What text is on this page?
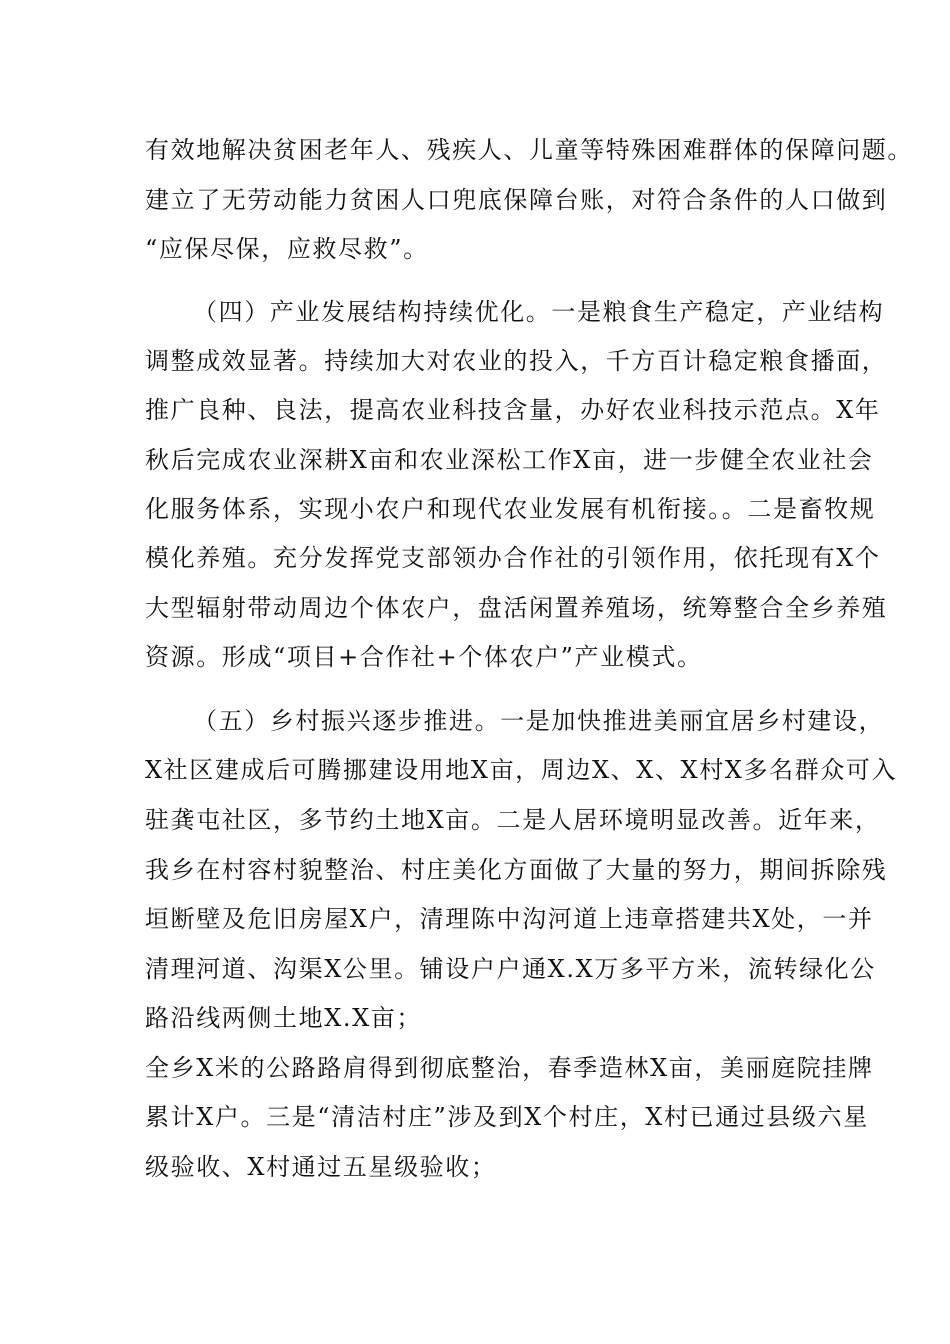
有效地解决贫困老年人、残疾人、儿童等特殊困难群体的保障问题。

建立了无劳动能力贫困人口兜底保障台账，对符合条件的人口做到

“应保尽保，应救尽救”。

（四）产业发展结构持续优化。一是粮食生产稳定，产业结构

调整成效显著。持续加大对农业的投入，千方百计稳定粮食播面，

推广良种、良法，提高农业科技含量，办好农业科技示范点。X年

秋后完成农业深耕X亩和农业深松工作X亩，进一步健全农业社会

化服务体系，实现小农户和现代农业发展有机衔接。。二是畜牧规

模化养殖。充分发挥党支部领办合作社的引领作用，依托现有X个

大型辐射带动周边个体农户，盘活闲置养殖场，统筹整合全乡养殖

资源。形成“项目+合作社+个体农户”产业模式。

（五）乡村振兴逐步推进。一是加快推进美丽宜居乡村建设，

X社区建成后可腾挪建设用地X亩，周边X、X、X村X多名群众可入

驻龚屯社区，多节约土地X亩。二是人居环境明显改善。近年来，

我乡在村容村貌整治、村庄美化方面做了大量的努力，期间拆除残

垣断壁及危旧房屋X户，清理陈中沟河道上违章搭建共X处，一并

清理河道、沟渠X公里。铺设户户通X.X万多平方米，流转绿化公

路沿线两侧土地X.X亩；

全乡X米的公路路肩得到彻底整治，春季造林X亩，美丽庭院挂牌

累计X户。三是“清洁村庄”涉及到X个村庄，X村已通过县级六星

级验收、X村通过五星级验收；
